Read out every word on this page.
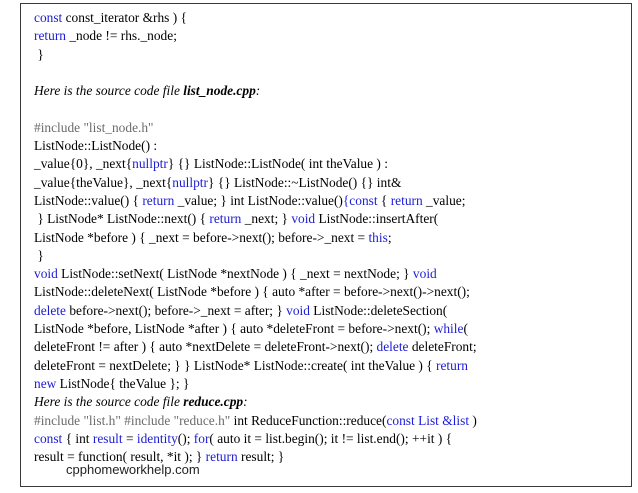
const const_iterator &rhs ) {
return _node != rhs._node;
}
Here is the source code file list_node.cpp:
#include "list_node.h"
ListNode::ListNode() :
_value{0}, _next{nullptr} {} ListNode::ListNode( int theValue ) :
_value{theValue}, _next{nullptr} {} ListNode::~ListNode() {} int&
ListNode::value() { return _value; } int ListNode::value(){const { return _value;
} ListNode* ListNode::next() { return _next; } void ListNode::insertAfter(
ListNode *before ) { _next = before->next(); before->_next = this;
}
void ListNode::setNext( ListNode *nextNode ) { _next = nextNode; } void
ListNode::deleteNext( ListNode *before ) { auto *after = before->next()->next();
delete before->next(); before->_next = after; } void ListNode::deleteSection(
ListNode *before, ListNode *after ) { auto *deleteFront = before->next(); while(
deleteFront != after ) { auto *nextDelete = deleteFront->next(); delete deleteFront;
deleteFront = nextDelete; } } ListNode* ListNode::create( int theValue ) { return
new ListNode{ theValue }; }
Here is the source code file reduce.cpp:
#include "list.h" #include "reduce.h" int ReduceFunction::reduce(const List &list )
const { int result = identity(); for( auto it = list.begin(); it != list.end(); ++it ) {
result = function( result, *it ); } return result; }
cpphomeworkhelp.com
